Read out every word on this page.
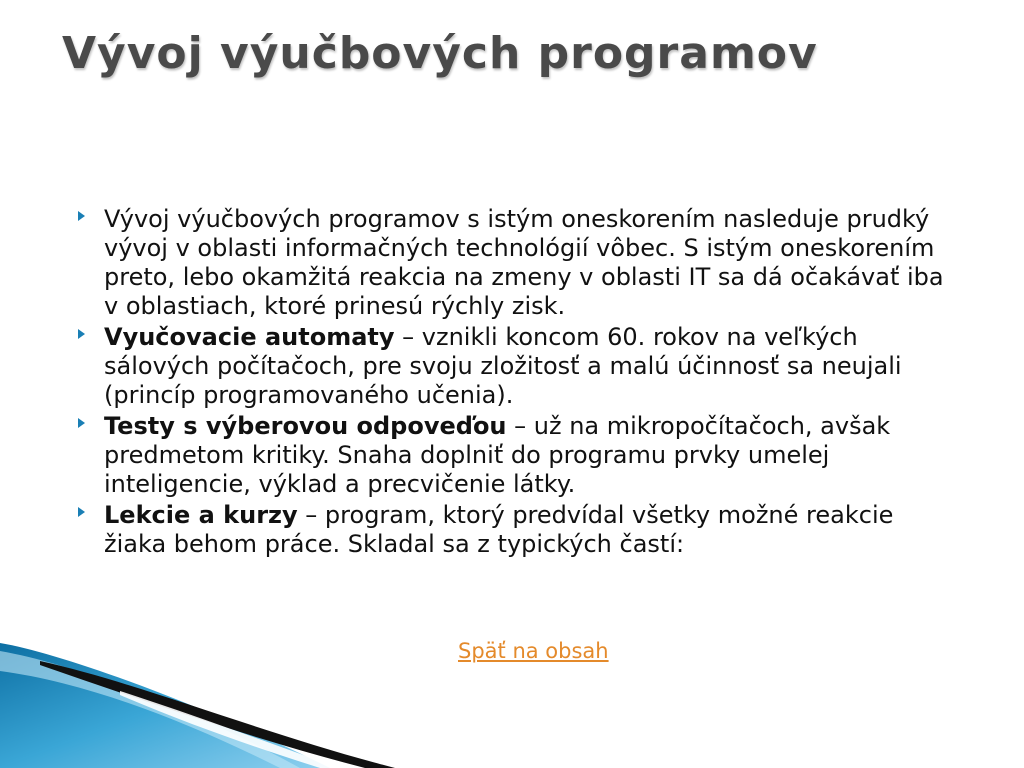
Vývoj výučbových programov
Vývoj výučbových programov s istým oneskorením nasleduje prudký vývoj v oblasti informačných technológií vôbec. S istým oneskorením preto, lebo okamžitá reakcia na zmeny v oblasti IT sa dá očakávať iba v oblastiach, ktoré prinesú rýchly zisk.
Vyučovacie automaty – vznikli koncom 60. rokov na veľkých sálových počítačoch, pre svoju zložitosť a malú účinnosť sa neujali (princíp programovaného učenia).
Testy s výberovou odpoveďou – už na mikropočítačoch, avšak predmetom kritiky. Snaha doplniť do programu prvky umelej inteligencie, výklad a precvičenie látky.
Lekcie a kurzy – program, ktorý predvídal všetky možné reakcie žiaka behom práce. Skladal sa z typických častí:
Späť na obsah
